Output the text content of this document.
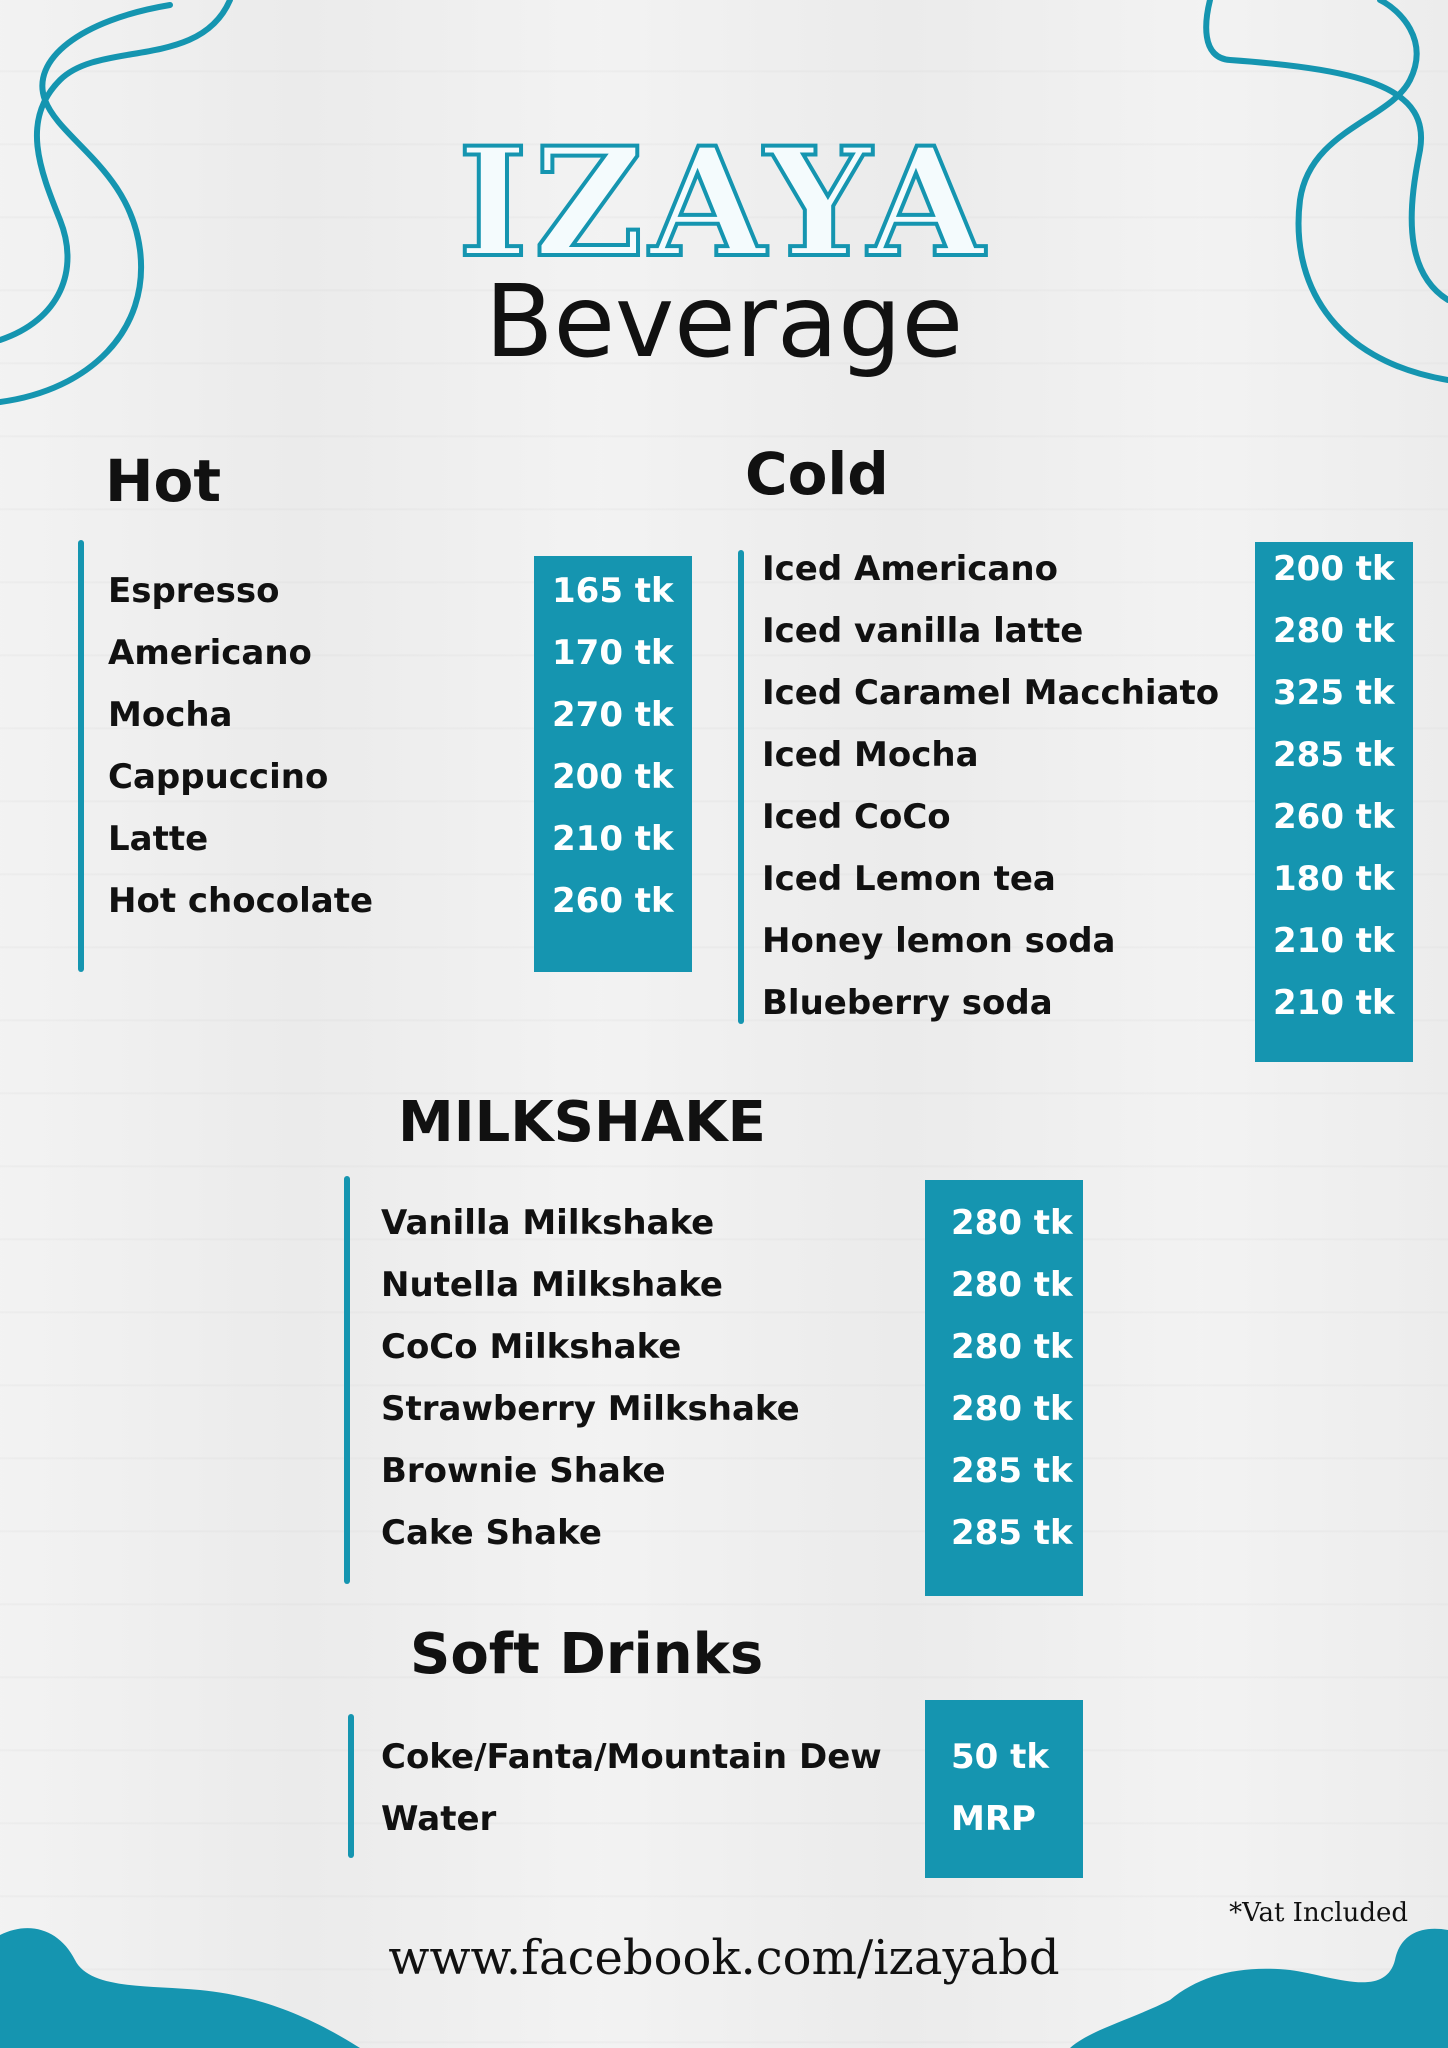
IZAYA
Beverage
Hot
Espresso	165 tk
Americano	170 tk
Mocha	270 tk
Cappuccino	200 tk
Latte	210 tk
Hot chocolate	260 tk
Cold
Iced Americano	200 tk
Iced vanilla latte	280 tk
Iced Caramel Macchiato 325 tk
Iced Mocha	285 tk
Iced CoCo	260 tk
Iced Lemon tea	180 tk
Honey lemon soda	210 tk
Blueberry soda	210 tk
MILKSHAKE
Vanilla Milkshake	280 tk
Nutella Milkshake	280 tk
CoCo Milkshake	280 tk
Strawberry Milkshake	280 tk
Brownie Shake	285 tk
Cake Shake	285 tk
Soft Drinks
Coke/Fanta/Mountain Dew 50 tk
Water	MRP
*Vat Included
www.facebook.com/izayabd
